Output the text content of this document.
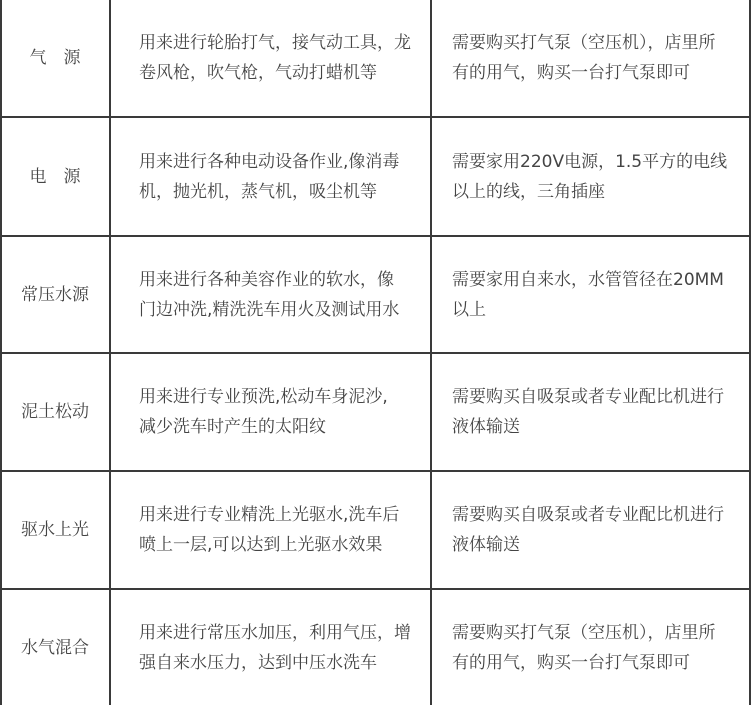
气　源
用来进行轮胎打气，接气动工具，龙
卷风枪，吹气枪，气动打蜡机等
需要购买打气泵（空压机），店里所
有的用气，购买一台打气泵即可
电　源
用来进行各种电动设备作业,像消毒
机，抛光机，蒸气机，吸尘机等
需要家用220V电源，1.5平方的电线
以上的线，三角插座
常压水源
用来进行各种美容作业的软水，像
门边冲洗,精洗洗车用火及测试用水
需要家用自来水，水管管径在20MM
以上
泥土松动
用来进行专业预洗,松动车身泥沙,
减少洗车时产生的太阳纹
需要购买自吸泵或者专业配比机进行
液体输送
驱水上光
用来进行专业精洗上光驱水,洗车后
喷上一层,可以达到上光驱水效果
需要购买自吸泵或者专业配比机进行
液体输送
水气混合
用来进行常压水加压，利用气压，增
强自来水压力，达到中压水洗车
需要购买打气泵（空压机），店里所
有的用气，购买一台打气泵即可
